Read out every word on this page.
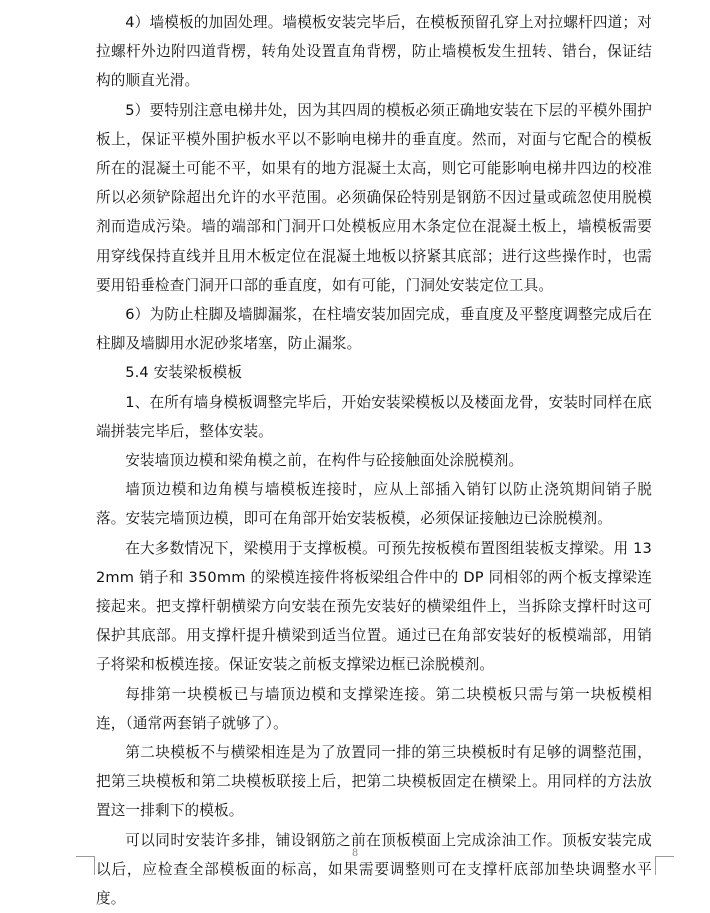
4）墙模板的加固处理。墙模板安装完毕后，在模板预留孔穿上对拉螺杆四道；对拉螺杆外边附四道背楞，转角处设置直角背楞，防止墙模板发生扭转、错台，保证结构的顺直光滑。

5）要特别注意电梯井处，因为其四周的模板必须正确地安装在下层的平模外围护板上，保证平模外围护板水平以不影响电梯井的垂直度。然而，对面与它配合的模板所在的混凝土可能不平，如果有的地方混凝土太高，则它可能影响电梯井四边的校准所以必须铲除超出允许的水平范围。必须确保砼特别是钢筋不因过量或疏忽使用脱模剂而造成污染。墙的端部和门洞开口处模板应用木条定位在混凝土板上，墙模板需要用穿线保持直线并且用木板定位在混凝土地板以挤紧其底部；进行这些操作时，也需要用铅垂检查门洞开口部的垂直度，如有可能，门洞处安装定位工具。

6）为防止柱脚及墙脚漏浆，在柱墙安装加固完成，垂直度及平整度调整完成后在柱脚及墙脚用水泥砂浆堵塞，防止漏浆。

5.4 安装梁板模板

1、在所有墙身模板调整完毕后，开始安装梁模板以及楼面龙骨，安装时同样在底端拼装完毕后，整体安装。

安装墙顶边模和梁角模之前，在构件与砼接触面处涂脱模剂。

墙顶边模和边角模与墙模板连接时，应从上部插入销钉以防止浇筑期间销子脱落。安装完墙顶边模，即可在角部开始安装板模，必须保证接触边已涂脱模剂。

在大多数情况下，梁模用于支撑板模。可预先按板模布置图组装板支撑梁。用 132mm 销子和 350mm 的梁模连接件将板梁组合件中的 DP 同相邻的两个板支撑梁连接起来。把支撑杆朝横梁方向安装在预先安装好的横梁组件上，当拆除支撑杆时这可保护其底部。用支撑杆提升横梁到适当位置。通过已在角部安装好的板模端部，用销子将梁和板模连接。保证安装之前板支撑梁边框已涂脱模剂。

每排第一块模板已与墙顶边模和支撑梁连接。第二块模板只需与第一块板模相连，（通常两套销子就够了）。

第二块模板不与横梁相连是为了放置同一排的第三块模板时有足够的调整范围，把第三块模板和第二块模板联接上后，把第二块模板固定在横梁上。用同样的方法放置这一排剩下的模板。

可以同时安装许多排，铺设钢筋之前在顶板模面上完成涂油工作。顶板安装完成以后，应检查全部模板面的标高，如果需要调整则可在支撑杆底部加垫块调整水平度。

8
